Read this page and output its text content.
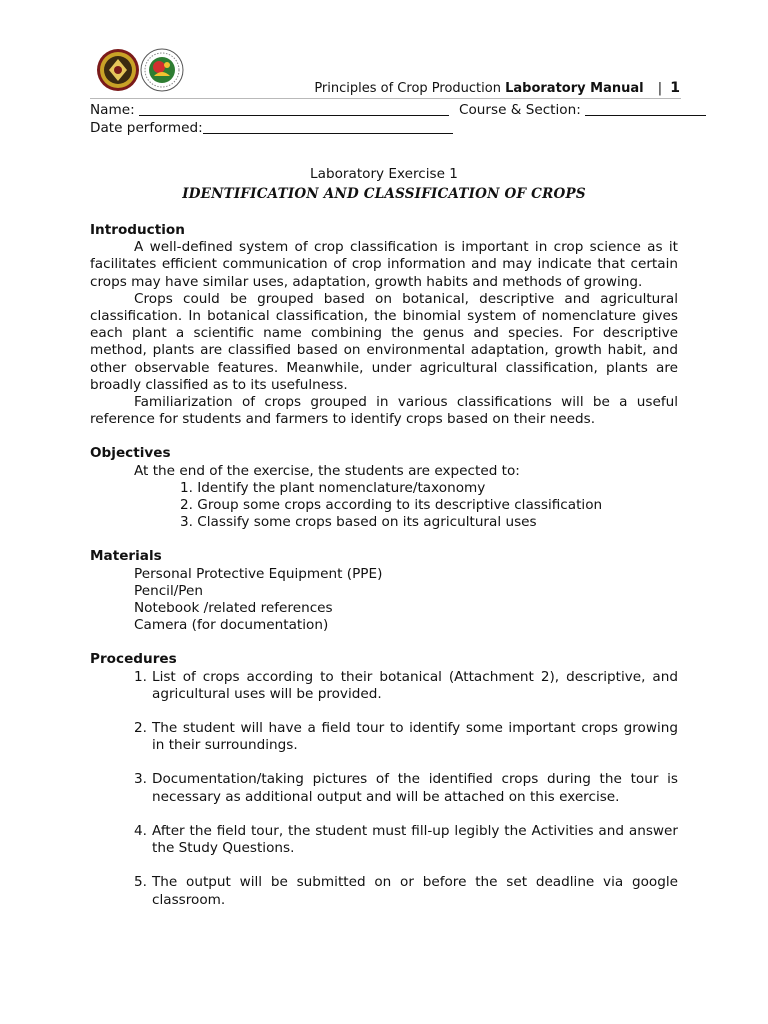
Principles of Crop Production Laboratory Manual | 1
Name:	Course & Section:
Date performed:
Laboratory Exercise 1
IDENTIFICATION AND CLASSIFICATION OF CROPS
Introduction

A well-defined system of crop classification is important in crop science as it facilitates efficient communication of crop information and may indicate that certain crops may have similar uses, adaptation, growth habits and methods of growing.

Crops could be grouped based on botanical, descriptive and agricultural classification. In botanical classification, the binomial system of nomenclature gives each plant a scientific name combining the genus and species. For descriptive method, plants are classified based on environmental adaptation, growth habit, and other observable features. Meanwhile, under agricultural classification, plants are broadly classified as to its usefulness.

Familiarization of crops grouped in various classifications will be a useful reference for students and farmers to identify crops based on their needs.

Objectives
At the end of the exercise, the students are expected to:
1. Identify the plant nomenclature/taxonomy
2. Group some crops according to its descriptive classification
3. Classify some crops based on its agricultural uses
Materials
Personal Protective Equipment (PPE)
Pencil/Pen
Notebook /related references
Camera (for documentation)
Procedures
1. List of crops according to their botanical (Attachment 2), descriptive, and agricultural uses will be provided.
2. The student will have a field tour to identify some important crops growing in their surroundings.
3. Documentation/taking pictures of the identified crops during the tour is necessary as additional output and will be attached on this exercise.
4. After the field tour, the student must fill-up legibly the Activities and answer the Study Questions.
5. The output will be submitted on or before the set deadline via google classroom.
